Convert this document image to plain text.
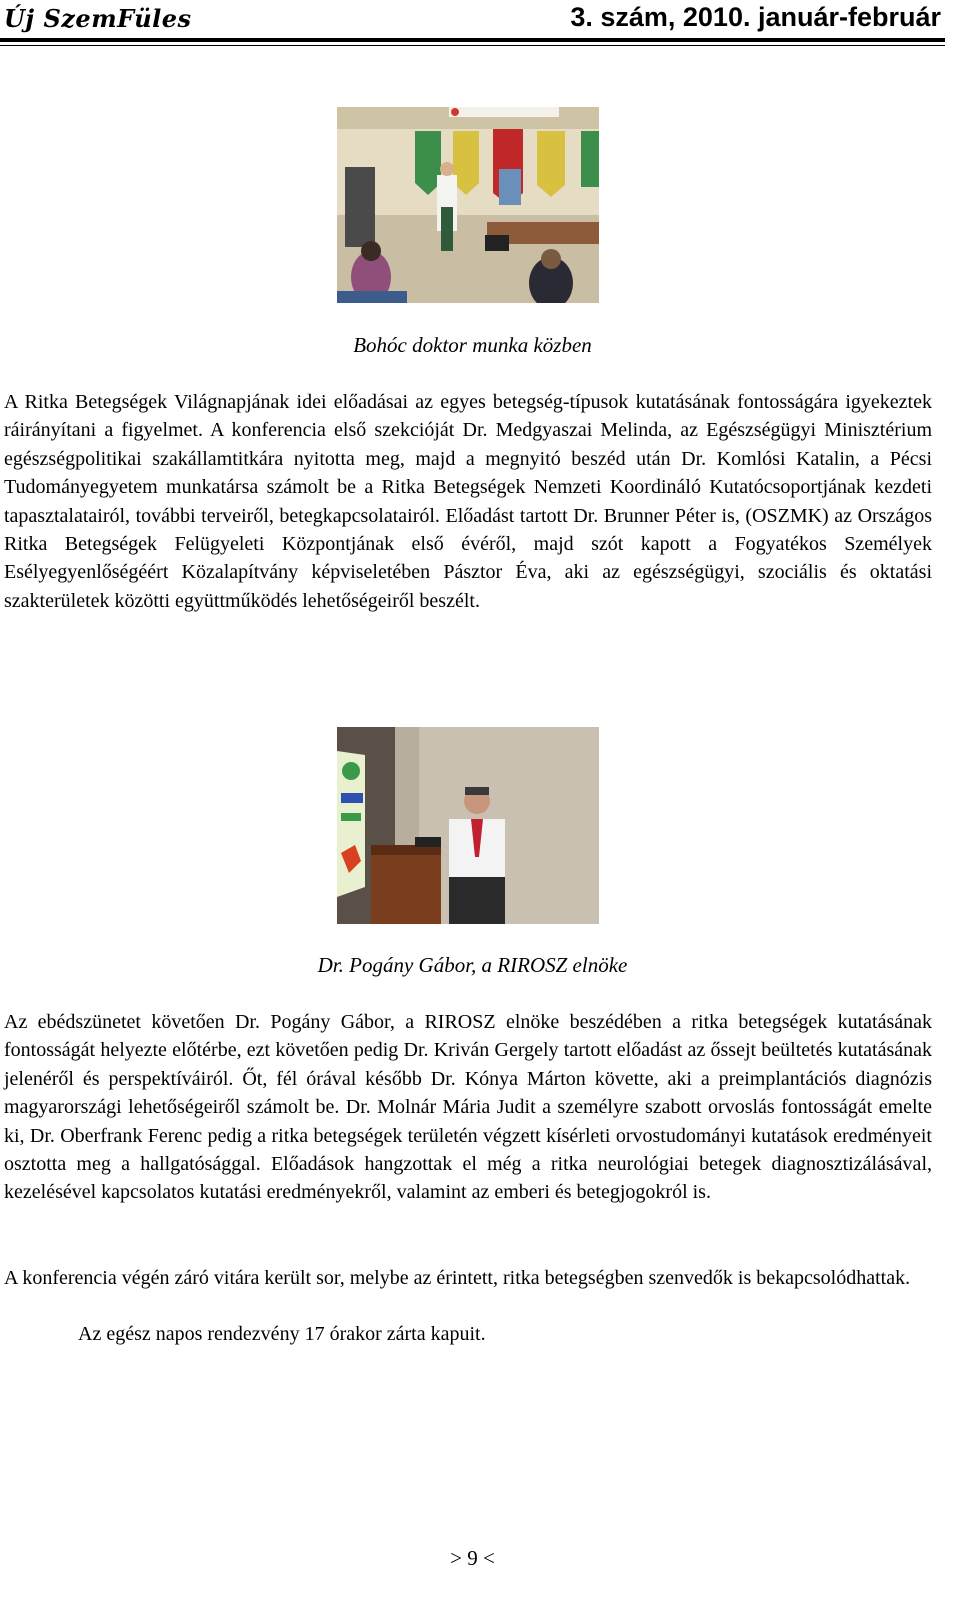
Új SzemFüles	3. szám, 2010. január-február
Bohóc doktor munka közben
A Ritka Betegségek Világnapjának idei előadásai az egyes betegség-típusok kutatásának fontosságára igyekeztek ráirányítani a figyelmet. A konferencia első szekcióját Dr. Medgyaszai Melinda, az Egészségügyi Minisztérium egészségpolitikai szakállamtitkára nyitotta meg, majd a megnyitó beszéd után Dr. Komlósi Katalin, a Pécsi Tudományegyetem munkatársa számolt be a Ritka Betegségek Nemzeti Koordináló Kutatócsoportjának kezdeti tapasztalatairól, további terveiről, betegkapcsolatairól. Előadást tartott Dr. Brunner Péter is, (OSZMK) az Országos Ritka Betegségek Felügyeleti Központjának első évéről, majd szót kapott a Fogyatékos Személyek Esélyegyenlőségéért Közalapítvány képviseletében Pásztor Éva, aki az egészségügyi, szociális és oktatási szakterületek közötti együttműködés lehetőségeiről beszélt.
Dr. Pogány Gábor, a RIROSZ elnöke
Az ebédszünetet követően Dr. Pogány Gábor, a RIROSZ elnöke beszédében a ritka betegségek kutatásának fontosságát helyezte előtérbe, ezt követően pedig Dr. Kriván Gergely tartott előadást az őssejt beültetés kutatásának jelenéről és perspektíváiról. Őt, fél órával később Dr. Kónya Márton követte, aki a preimplantációs diagnózis magyarországi lehetőségeiről számolt be. Dr. Molnár Mária Judit a személyre szabott orvoslás fontosságát emelte ki, Dr. Oberfrank Ferenc pedig a ritka betegségek területén végzett kísérleti orvostudományi kutatások eredményeit osztotta meg a hallgatósággal. Előadások hangzottak el még a ritka neurológiai betegek diagnosztizálásával, kezelésével kapcsolatos kutatási eredményekről, valamint az emberi és betegjogokról is.
A konferencia végén záró vitára került sor, melybe az érintett, ritka betegségben szenvedők is bekapcsolódhattak.
Az egész napos rendezvény 17 órakor zárta kapuit.
> 9 <
